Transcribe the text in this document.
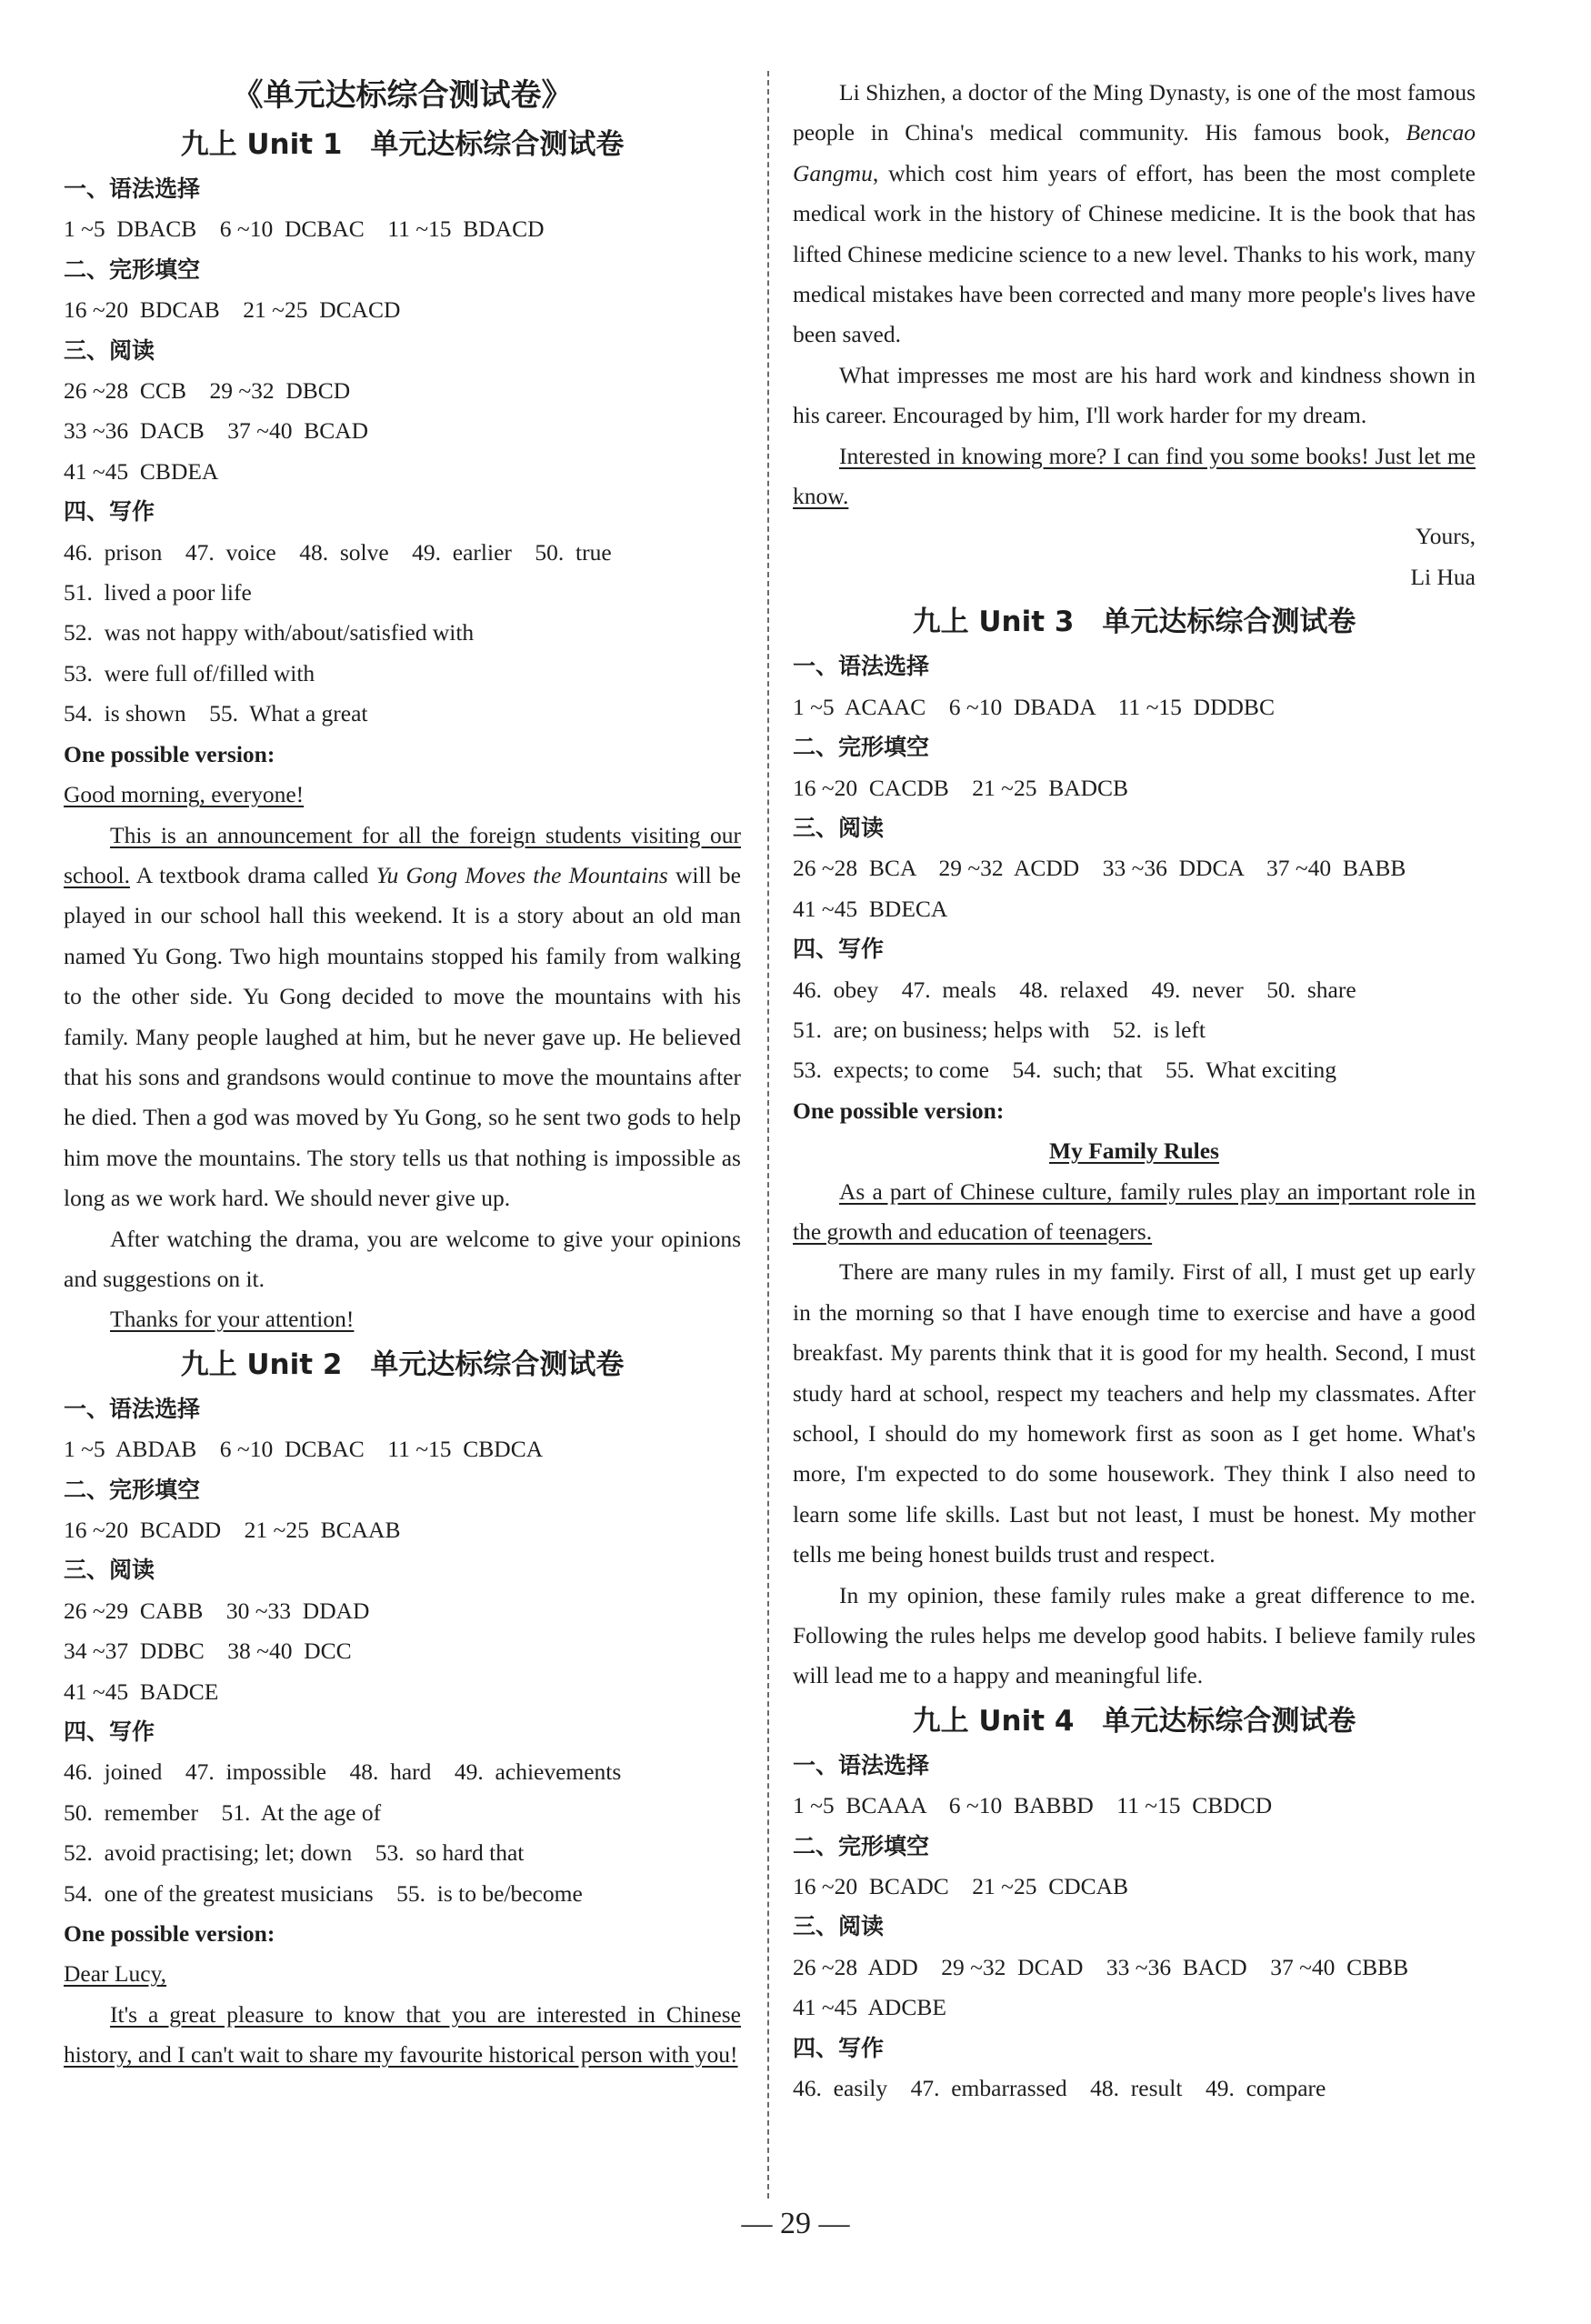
《单元达标综合测试卷》
九上 Unit 1　单元达标综合测试卷
一、语法选择
1 ~5  DBACB    6 ~10  DCBAC    11 ~15  BDACD
二、完形填空
16 ~20  BDCAB    21 ~25  DCACD
三、阅读
26 ~28  CCB    29 ~32  DBCD
33 ~36  DACB    37 ~40  BCAD
41 ~45  CBDEA
四、写作
46.  prison    47.  voice    48.  solve    49.  earlier    50.  true
51.  lived a poor life
52.  was not happy with/about/satisfied with
53.  were full of/filled with
54.  is shown    55.  What a great
One possible version:
Good morning, everyone!

This is an announcement for all the foreign students visiting our school. A textbook drama called Yu Gong Moves the Mountains will be played in our school hall this weekend. It is a story about an old man named Yu Gong. Two high mountains stopped his family from walking to the other side. Yu Gong decided to move the mountains with his family. Many people laughed at him, but he never gave up. He believed that his sons and grandsons would continue to move the mountains after he died. Then a god was moved by Yu Gong, so he sent two gods to help him move the mountains. The story tells us that nothing is impossible as long as we work hard. We should never give up.

After watching the drama, you are welcome to give your opinions and suggestions on it.

Thanks for your attention!

九上 Unit 2　单元达标综合测试卷
一、语法选择
1 ~5  ABDAB    6 ~10  DCBAC    11 ~15  CBDCA
二、完形填空
16 ~20  BCADD    21 ~25  BCAAB
三、阅读
26 ~29  CABB    30 ~33  DDAD
34 ~37  DDBC    38 ~40  DCC
41 ~45  BADCE
四、写作
46.  joined    47.  impossible    48.  hard    49.  achievements
50.  remember    51.  At the age of
52.  avoid practising; let; down    53.  so hard that
54.  one of the greatest musicians    55.  is to be/become
One possible version:
Dear Lucy,

It's a great pleasure to know that you are interested in Chinese history, and I can't wait to share my favourite historical person with you!

Li Shizhen, a doctor of the Ming Dynasty, is one of the most famous people in China's medical community. His famous book, Bencao Gangmu, which cost him years of effort, has been the most complete medical work in the history of Chinese medicine. It is the book that has lifted Chinese medicine science to a new level. Thanks to his work, many medical mistakes have been corrected and many more people's lives have been saved.

What impresses me most are his hard work and kindness shown in his career. Encouraged by him, I'll work harder for my dream.

Interested in knowing more? I can find you some books! Just let me know.

Yours,
Li Hua
九上 Unit 3　单元达标综合测试卷
一、语法选择
1 ~5  ACAAC    6 ~10  DBADA    11 ~15  DDDBC
二、完形填空
16 ~20  CACDB    21 ~25  BADCB
三、阅读
26 ~28  BCA    29 ~32  ACDD    33 ~36  DDCA    37 ~40  BABB
41 ~45  BDECA
四、写作
46.  obey    47.  meals    48.  relaxed    49.  never    50.  share
51.  are; on business; helps with    52.  is left
53.  expects; to come    54.  such; that    55.  What exciting
One possible version:
My Family Rules

As a part of Chinese culture, family rules play an important role in the growth and education of teenagers.

There are many rules in my family. First of all, I must get up early in the morning so that I have enough time to exercise and have a good breakfast. My parents think that it is good for my health. Second, I must study hard at school, respect my teachers and help my classmates. After school, I should do my homework first as soon as I get home. What's more, I'm expected to do some housework. They think I also need to learn some life skills. Last but not least, I must be honest. My mother tells me being honest builds trust and respect.

In my opinion, these family rules make a great difference to me. Following the rules helps me develop good habits. I believe family rules will lead me to a happy and meaningful life.

九上 Unit 4　单元达标综合测试卷
一、语法选择
1 ~5  BCAAA    6 ~10  BABBD    11 ~15  CBDCD
二、完形填空
16 ~20  BCADC    21 ~25  CDCAB
三、阅读
26 ~28  ADD    29 ~32  DCAD    33 ~36  BACD    37 ~40  CBBB
41 ~45  ADCBE
四、写作
46.  easily    47.  embarrassed    48.  result    49.  compare
— 29 —
